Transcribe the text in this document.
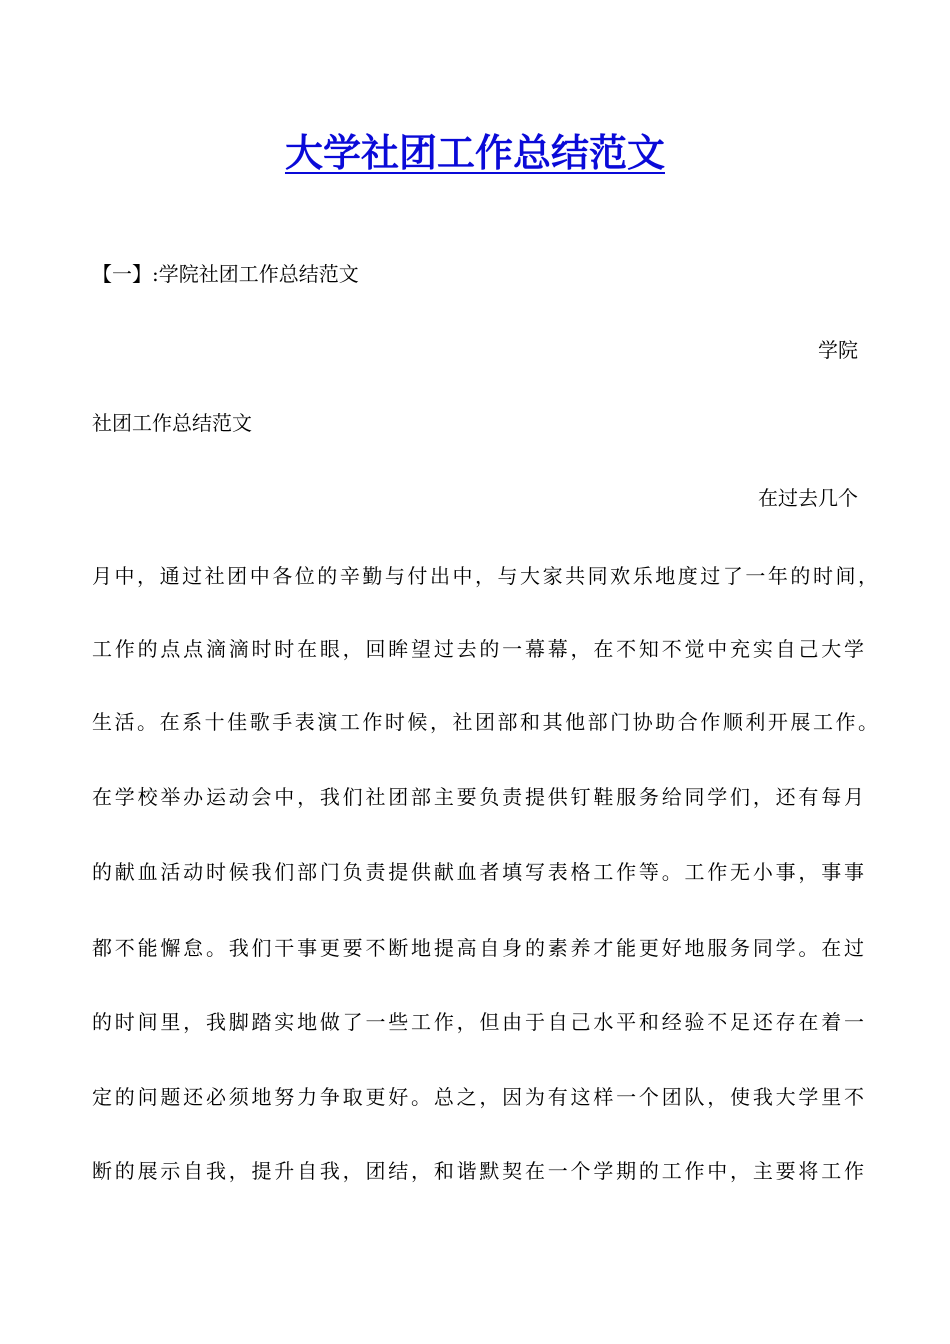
大学社团工作总结范文

【一】:学院社团工作总结范文

学院

社团工作总结范文

在过去几个

月中，通过社团中各位的辛勤与付出中，与大家共同欢乐地度过了一年的时间，

工作的点点滴滴时时在眼，回眸望过去的一幕幕，在不知不觉中充实自己大学

生活。在系十佳歌手表演工作时候，社团部和其他部门协助合作顺利开展工作。

在学校举办运动会中，我们社团部主要负责提供钉鞋服务给同学们，还有每月

的献血活动时候我们部门负责提供献血者填写表格工作等。工作无小事，事事

都不能懈怠。我们干事更要不断地提高自身的素养才能更好地服务同学。在过

的时间里，我脚踏实地做了一些工作，但由于自己水平和经验不足还存在着一

定的问题还必须地努力争取更好。总之，因为有这样一个团队，使我大学里不

断的展示自我，提升自我，团结，和谐默契在一个学期的工作中，主要将工作
